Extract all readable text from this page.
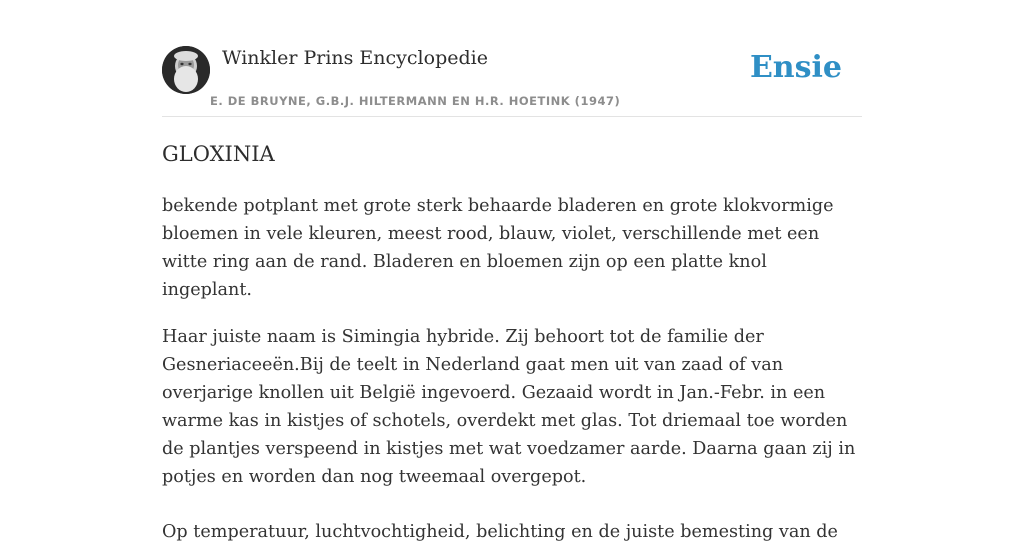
Winkler Prins Encyclopedie
E. DE BRUYNE, G.B.J. HILTERMANN EN H.R. HOETINK (1947)
Ensie
GLOXINIA

bekende potplant met grote sterk behaarde bladeren en grote klokvormige bloemen in vele kleuren, meest rood, blauw, violet, verschillende met een witte ring aan de rand. Bladeren en bloemen zijn op een platte knol ingeplant.

Haar juiste naam is Simingia hybride. Zij behoort tot de familie der Gesneriaceeën.Bij de teelt in Nederland gaat men uit van zaad of van overjarige knollen uit België ingevoerd. Gezaaid wordt in Jan.-Febr. in een warme kas in kistjes of schotels, overdekt met glas. Tot driemaal toe worden de plantjes verspeend in kistjes met wat voedzamer aarde. Daarna gaan zij in potjes en worden dan nog tweemaal overgepot.

Op temperatuur, luchtvochtigheid, belichting en de juiste bemesting van de
